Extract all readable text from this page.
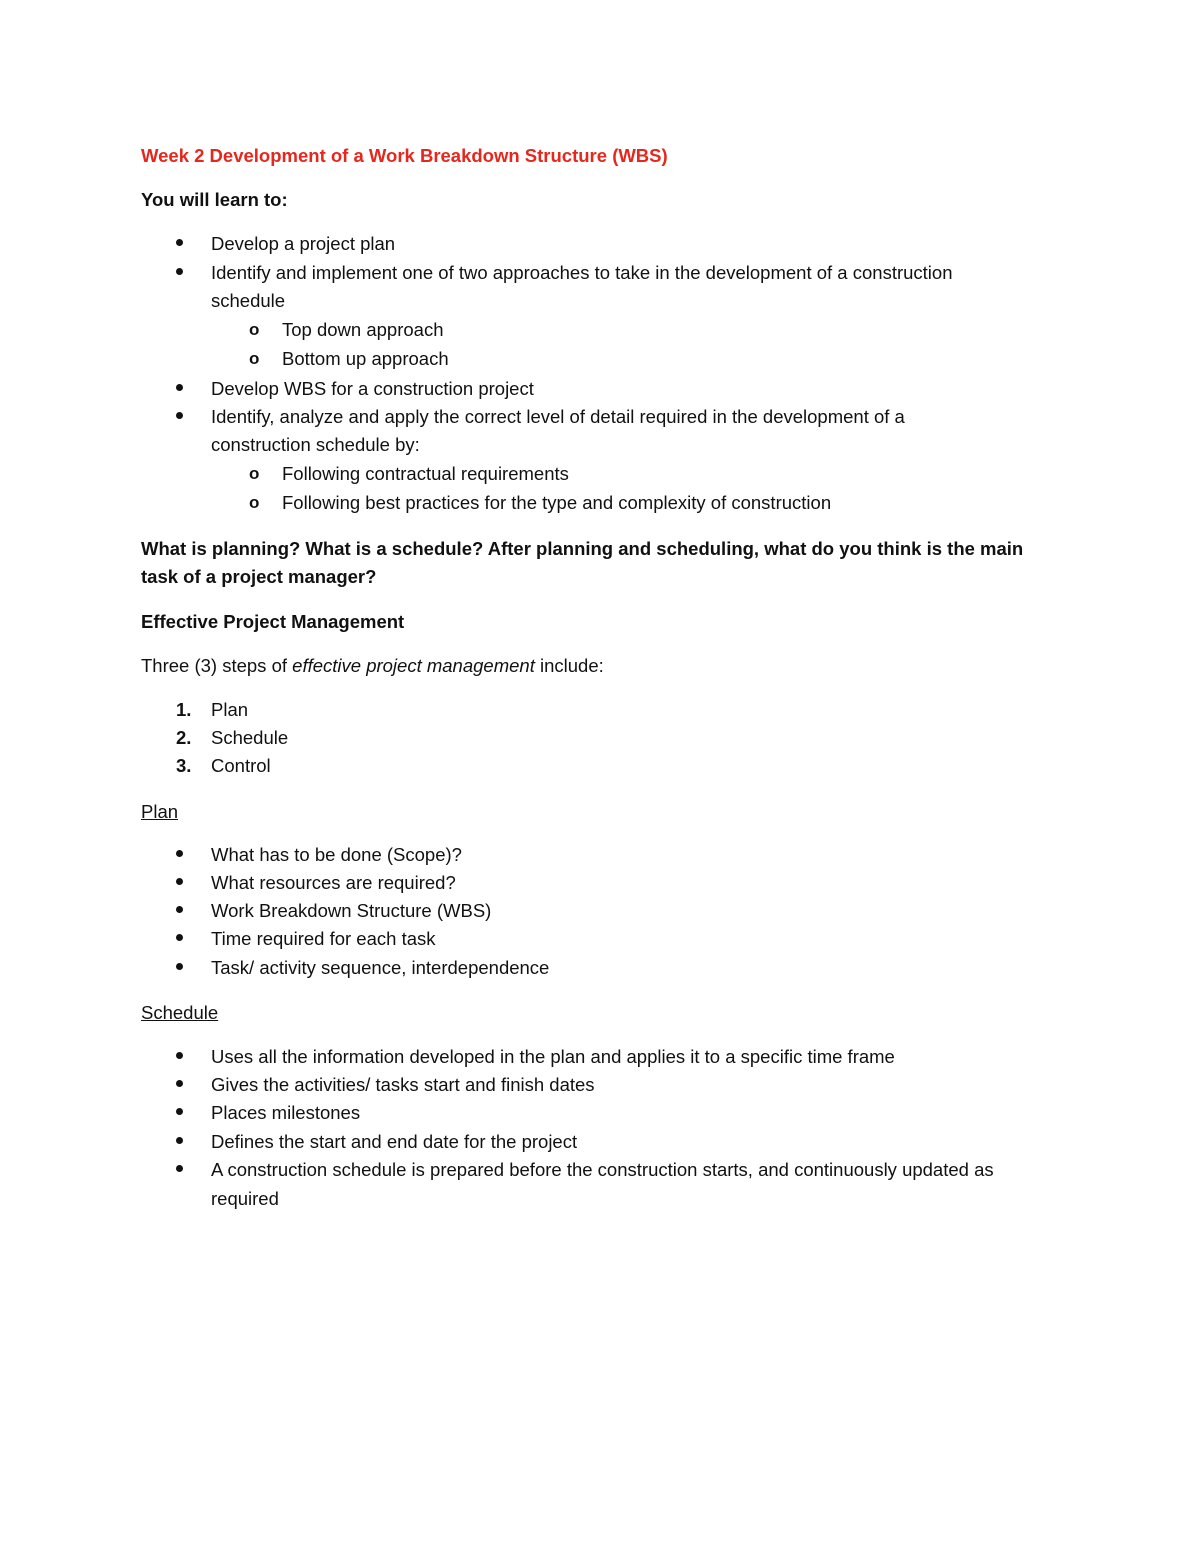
Week 2 Development of a Work Breakdown Structure (WBS)
You will learn to:
Develop a project plan
Identify and implement one of two approaches to take in the development of a construction
schedule
o Top down approach
o Bottom up approach
Develop WBS for a construction project
Identify, analyze and apply the correct level of detail required in the development of a
construction schedule by:
o Following contractual requirements
o Following best practices for the type and complexity of construction
What is planning? What is a schedule? After planning and scheduling, what do you think is the main
task of a project manager?
Effective Project Management
Three (3) steps of effective project management include:
1. Plan
2. Schedule
3. Control
Plan
What has to be done (Scope)?
What resources are required?
Work Breakdown Structure (WBS)
Time required for each task
Task/ activity sequence, interdependence
Schedule
Uses all the information developed in the plan and applies it to a specific time frame
Gives the activities/ tasks start and finish dates
Places milestones
Defines the start and end date for the project
A construction schedule is prepared before the construction starts, and continuously updated as
required
